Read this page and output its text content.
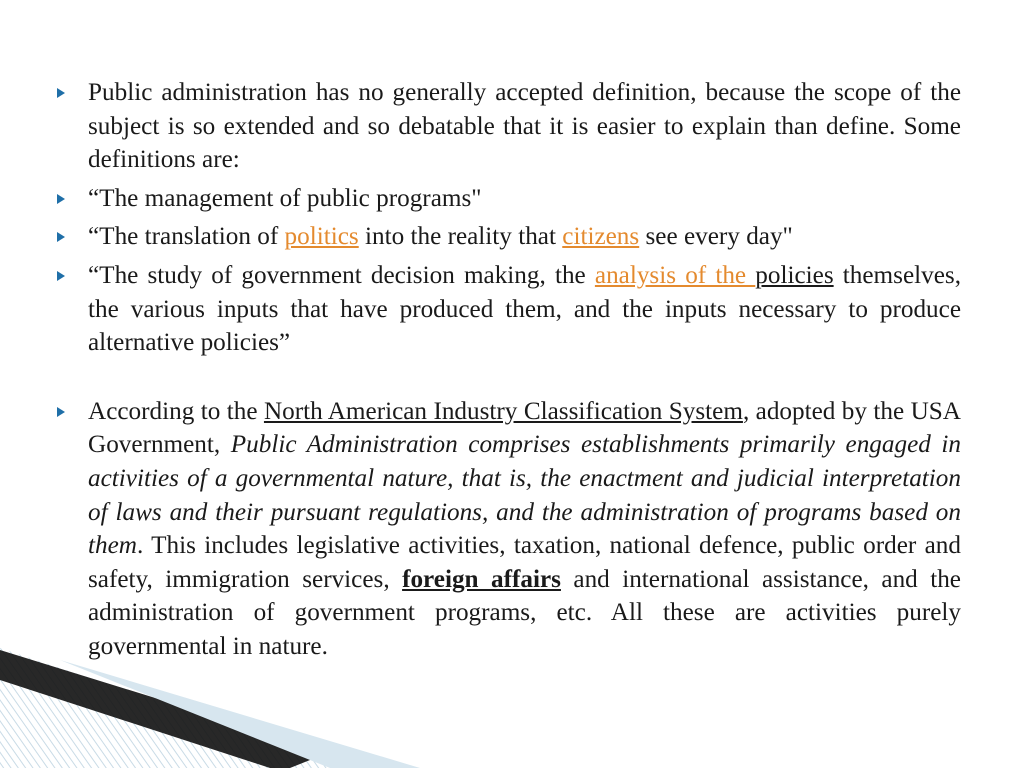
Public administration has no generally accepted definition, because the scope of the subject is so extended and so debatable that it is easier to explain than define. Some definitions are:
“The management of public programs"
“The translation of politics into the reality that citizens see every day"
“The study of government decision making, the analysis of the policies themselves, the various inputs that have produced them, and the inputs necessary to produce alternative policies”
According to the North American Industry Classification System, adopted by the USA Government, Public Administration comprises establishments primarily engaged in activities of a governmental nature, that is, the enactment and judicial interpretation of laws and their pursuant regulations, and the administration of programs based on them. This includes legislative activities, taxation, national defence, public order and safety, immigration services, foreign affairs and international assistance, and the administration of government programs, etc. All these are activities purely governmental in nature.
